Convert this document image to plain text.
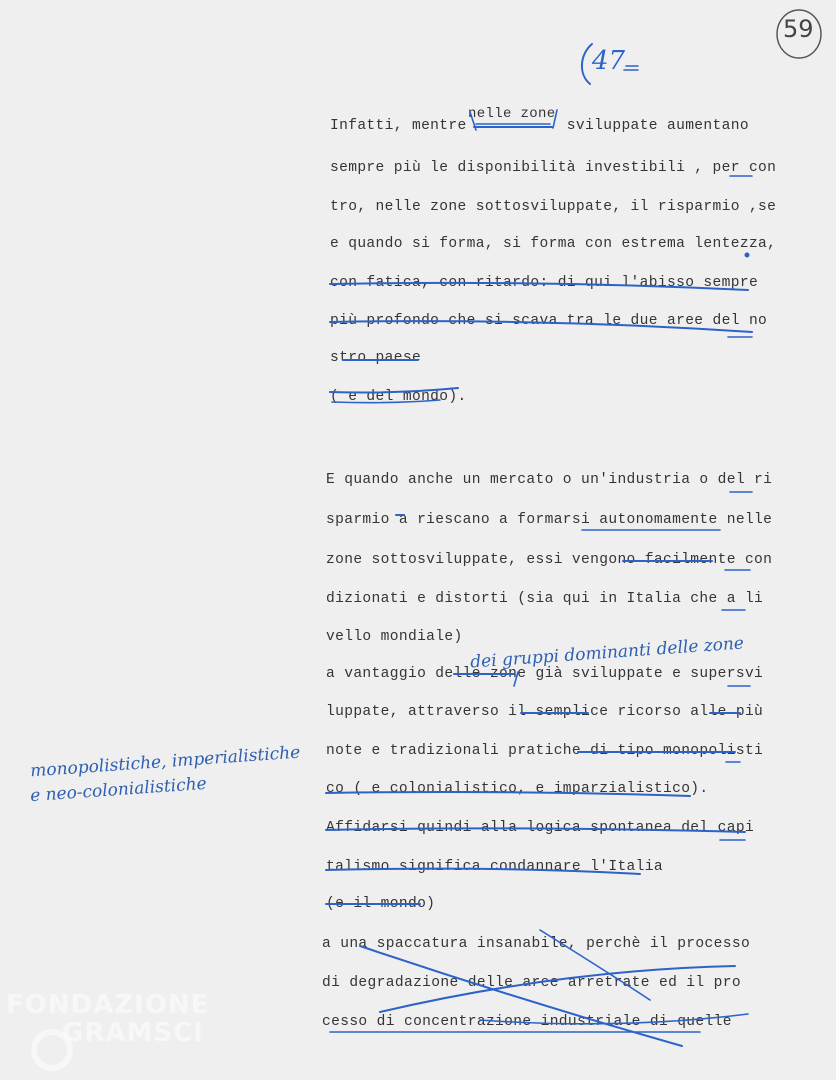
59
47
Infatti, mentre           sviluppate aumentano
sempre più le disponibilità investibili , per con
tro, nelle zone sottosviluppate, il risparmio ,se
e quando si forma, si forma con estrema lentezza,
con fatica, con ritardo: di qui l'abisso sempre
più profondo che si scava tra le due aree del no
stro paese
( e del mondo).
E quando anche un mercato o un'industria o del ri
sparmio a riescano a formarsi autonomamente nelle
zone sottosviluppate, essi vengono facilmente con
dizionati e distorti (sia qui in Italia che a li
vello mondiale)
a vantaggio delle zone già sviluppate e supersvi
luppate, attraverso il semplice ricorso alle più
note e tradizionali pratiche di tipo monopolisti
co ( e colonialistico, e imparzialistico).
Affidarsi quindi alla logica spontanea del capi
talismo significa condannare l'Italia
(e il mondo)
a una spaccatura insanabile, perchè il processo
di degradazione delle aree arretrate ed il pro
cesso di concentrazione industriale di quelle
nelle zone
dei gruppi dominanti delle zone
monopolistiche, imperialistiche
e neo-colonialistiche
FONDAZIONE
GRAMSCI
